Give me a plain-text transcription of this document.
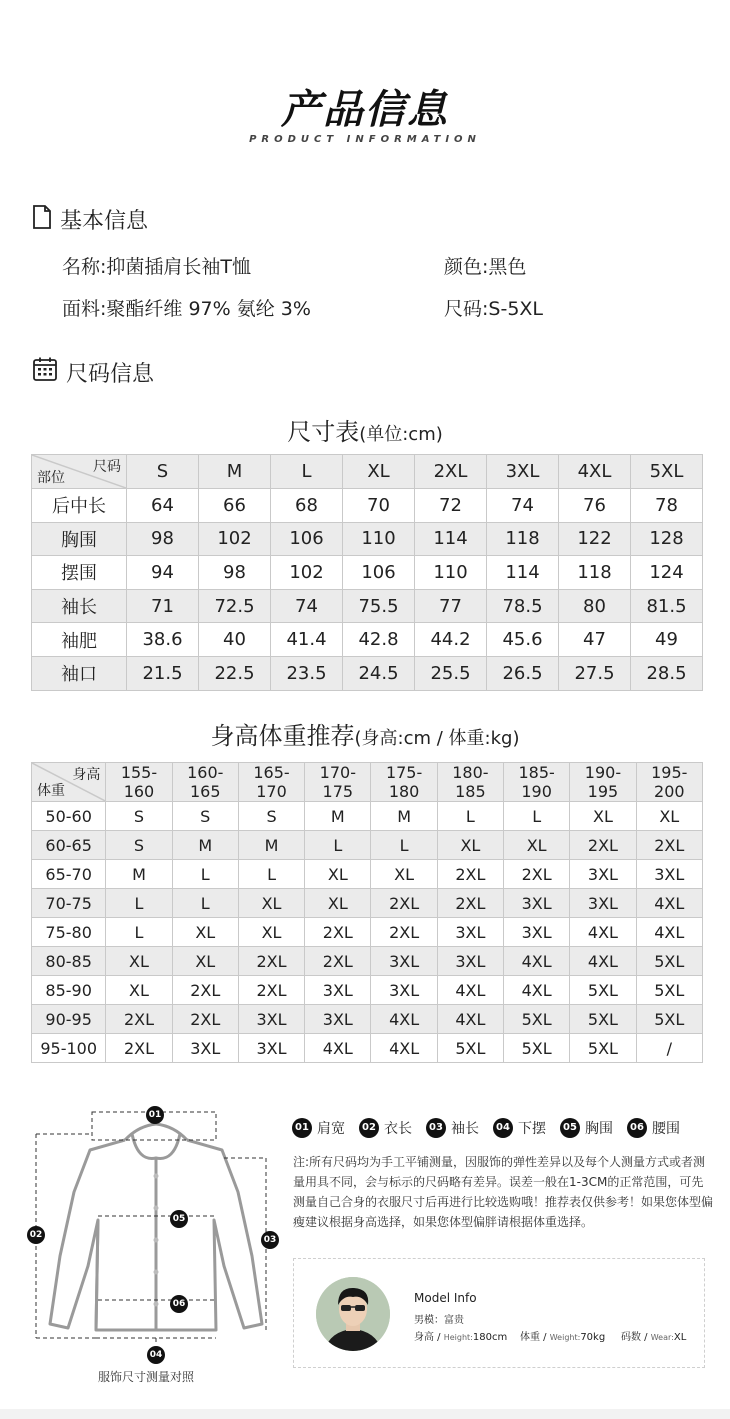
产品信息
PRODUCT INFORMATION
基本信息
名称:抑菌插肩长袖T恤	颜色:黑色
面料:聚酯纤维 97% 氨纶 3%	尺码:S-5XL
尺码信息
尺寸表(单位:cm)
尺码
部位	S	M	L	XL	2XL	3XL	4XL	5XL
后中长	64	66	68	70	72	74	76	78
胸围	98	102	106	110	114	118	122	128
摆围	94	98	102	106	110	114	118	124
袖长	71	72.5	74	75.5	77	78.5	80	81.5
袖肥	38.6	40	41.4	42.8	44.2	45.6	47	49
袖口	21.5	22.5	23.5	24.5	25.5	26.5	27.5	28.5
身高体重推荐(身高:cm / 体重:kg)
身高
体重	155-160	160-165	165-170	170-175	175-180	180-185	185-190	190-195	195-200
50-60	S	S	S	M	M	L	L	XL	XL
60-65	S	M	M	L	L	XL	XL	2XL	2XL
65-70	M	L	L	XL	XL	2XL	2XL	3XL	3XL
70-75	L	L	XL	XL	2XL	2XL	3XL	3XL	4XL
75-80	L	XL	XL	2XL	2XL	3XL	3XL	4XL	4XL
80-85	XL	XL	2XL	2XL	3XL	3XL	4XL	4XL	5XL
85-90	XL	2XL	2XL	3XL	3XL	4XL	4XL	5XL	5XL
90-95	2XL	2XL	3XL	3XL	4XL	4XL	5XL	5XL	5XL
95-100	2XL	3XL	3XL	4XL	4XL	5XL	5XL	5XL	/
01
02	03
04
05
06
服饰尺寸测量对照
01 肩宽	02 衣长	03 袖长	04 下摆	05 胸围	06 腰围
注:所有尺码均为手工平铺测量，因服饰的弹性差异以及每个人测量方式或者测量用具不同，会与标示的尺码略有差异。误差一般在1-3CM的正常范围，可先测量自己合身的衣服尺寸后再进行比较选购哦！推荐表仅供参考！如果您体型偏瘦建议根据身高选择，如果您体型偏胖请根据体重选择。
Model Info
男模：富贵
身高 / Height:180cm 体重 / Weight:70kg 码数 / Wear:XL
